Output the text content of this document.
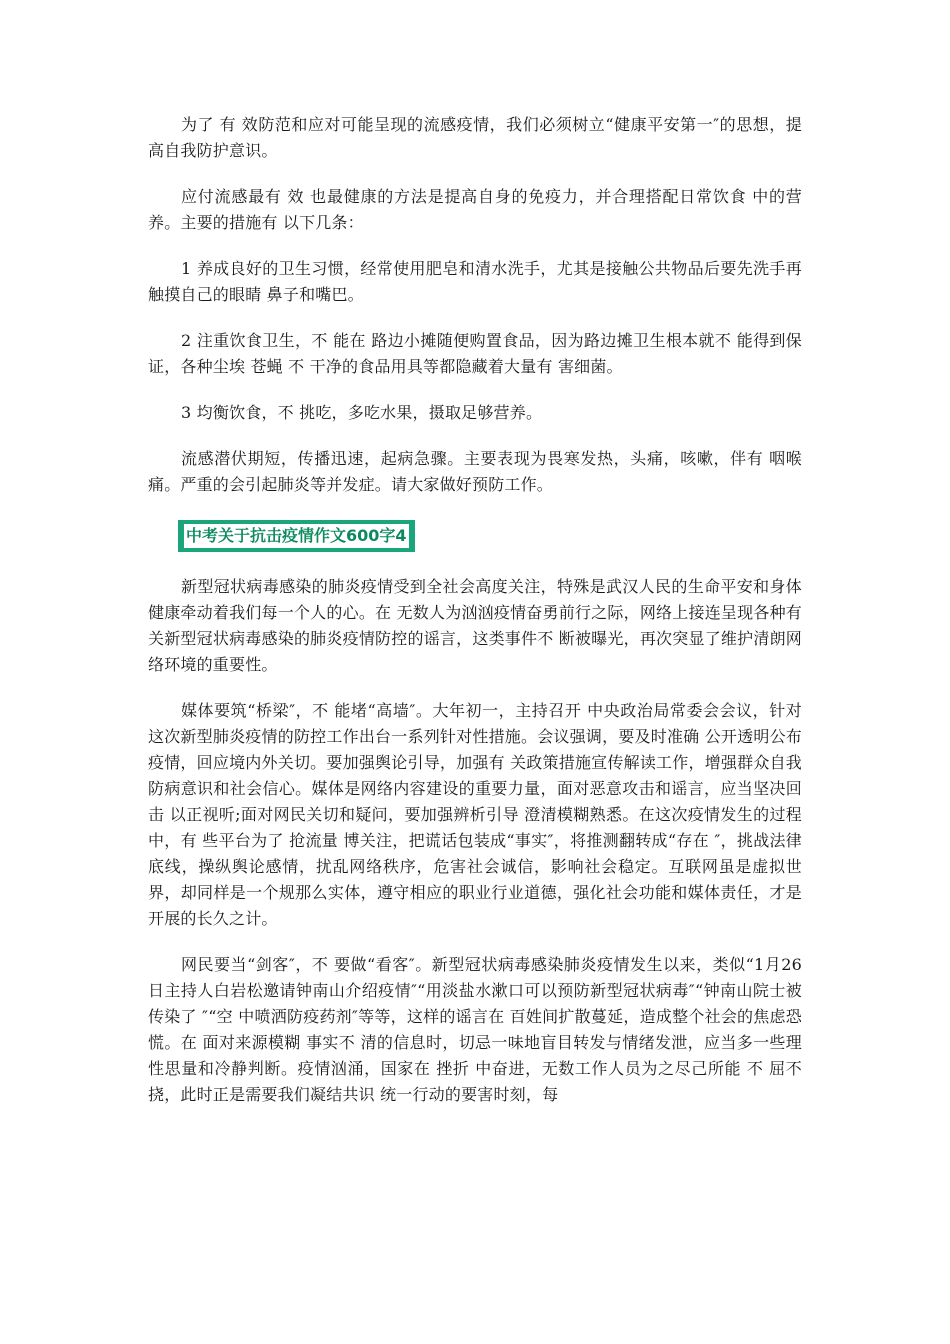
为了 有 效防范和应对可能呈现的流感疫情，我们必须树立“健康平安第一″的思想，提高自我防护意识。

应付流感最有 效 也最健康的方法是提高自身的免疫力，并合理搭配日常饮食 中的营养。主要的措施有 以下几条：

1 养成良好的卫生习惯，经常使用肥皂和清水洗手，尤其是接触公共物品后要先洗手再触摸自己的眼睛 鼻子和嘴巴。

2 注重饮食卫生，不 能在 路边小摊随便购置食品，因为路边摊卫生根本就不 能得到保证，各种尘埃 苍蝇 不 干净的食品用具等都隐藏着大量有 害细菌。

3 均衡饮食，不 挑吃，多吃水果，摄取足够营养。

流感潜伏期短，传播迅速，起病急骤。主要表现为畏寒发热，头痛，咳嗽，伴有 咽喉痛。严重的会引起肺炎等并发症。请大家做好预防工作。

中考关于抗击疫情作文600字4

新型冠状病毒感染的肺炎疫情受到全社会高度关注，特殊是武汉人民的生命平安和身体健康牵动着我们每一个人的心。在 无数人为汹汹疫情奋勇前行之际，网络上接连呈现各种有 关新型冠状病毒感染的肺炎疫情防控的谣言，这类事件不 断被曝光，再次突显了维护清朗网络环境的重要性。

媒体要筑“桥梁″，不 能堵“高墙″。大年初一，主持召开 中央政治局常委会会议，针对这次新型肺炎疫情的防控工作出台一系列针对性措施。会议强调，要及时准确 公开透明公布疫情，回应境内外关切。要加强舆论引导，加强有 关政策措施宣传解读工作，增强群众自我防病意识和社会信心。媒体是网络内容建设的重要力量，面对恶意攻击和谣言，应当坚决回击 以正视听;面对网民关切和疑问，要加强辨析引导 澄清模糊熟悉。在这次疫情发生的过程 中，有 些平台为了 抢流量 博关注，把谎话包装成“事实″，将推测翻转成“存在 ″，挑战法律底线，操纵舆论感情，扰乱网络秩序，危害社会诚信，影响社会稳定。互联网虽是虚拟世界，却同样是一个规那么实体，遵守相应的职业行业道德，强化社会功能和媒体责任，才是开展的长久之计。

网民要当“剑客″，不 要做“看客″。新型冠状病毒感染肺炎疫情发生以来，类似“1月26日主持人白岩松邀请钟南山介绍疫情″“用淡盐水漱口可以预防新型冠状病毒″“钟南山院士被传染了 ″“空 中喷洒防疫药剂″等等，这样的谣言在 百姓间扩散蔓延，造成整个社会的焦虑恐慌。在 面对来源模糊 事实不 清的信息时，切忌一味地盲目转发与情绪发泄，应当多一些理性思量和冷静判断。疫情汹涌，国家在 挫折 中奋进，无数工作人员为之尽己所能 不 屈不 挠，此时正是需要我们凝结共识 统一行动的要害时刻，每
